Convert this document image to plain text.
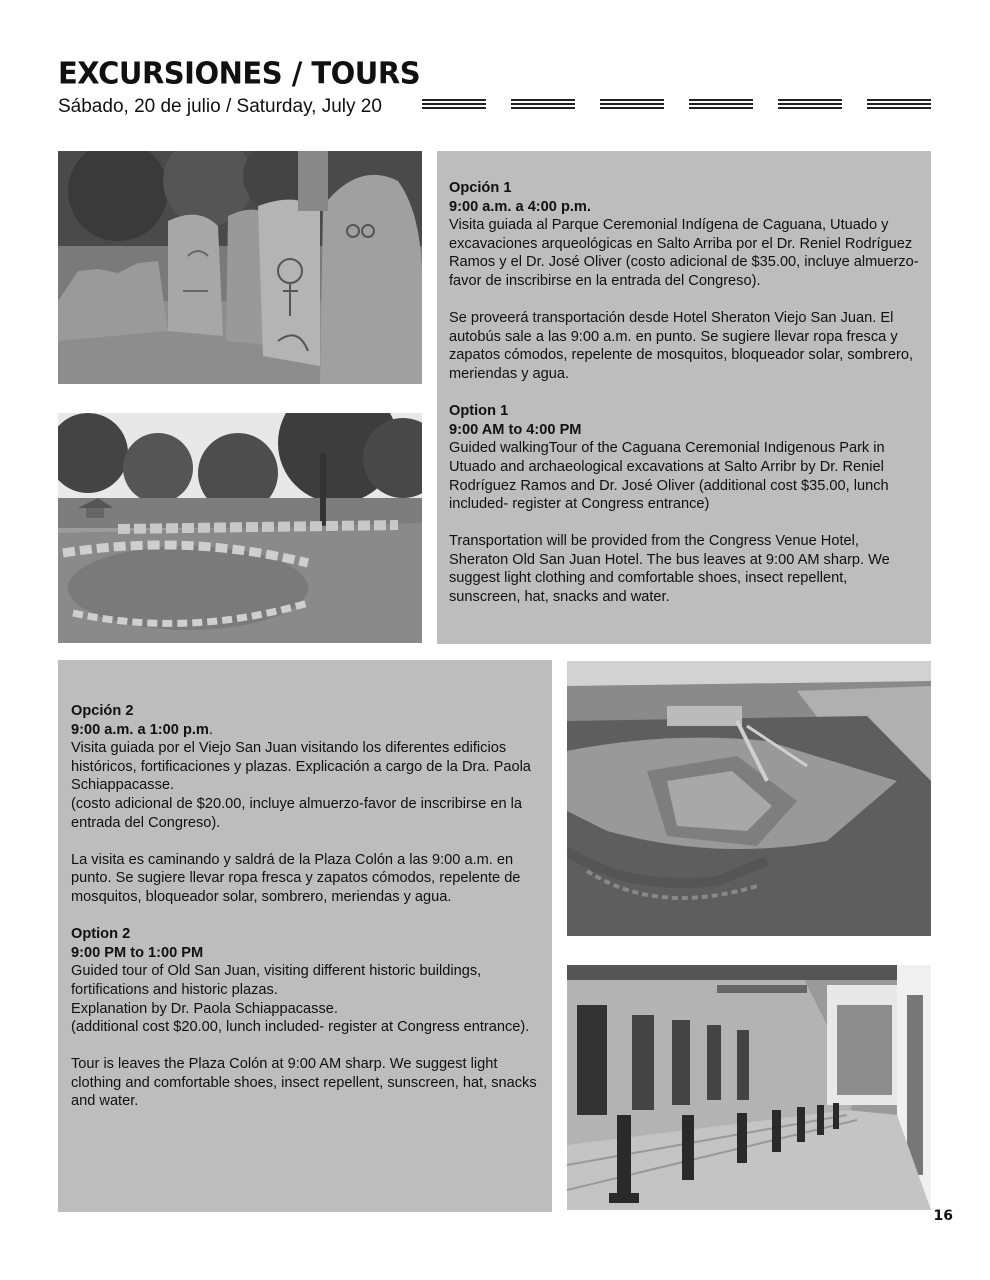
EXCURSIONES / TOURS
Sábado, 20 de julio / Saturday, July 20

Opción 1
9:00 a.m. a 4:00 p.m.
Visita guiada al Parque Ceremonial Indígena de Caguana, Utuado y excavaciones arqueológicas en Salto Arriba por el Dr. Reniel Rodríguez Ramos y el Dr. José Oliver (costo adicional de $35.00, incluye almuerzo-favor de inscribirse en la entrada del Congreso).

Se proveerá transportación desde Hotel Sheraton Viejo San Juan. El autobús sale a las 9:00 a.m. en punto. Se sugiere llevar ropa fresca y zapatos cómodos, repelente de mosquitos, bloqueador solar, sombrero, meriendas y agua.

Option 1
9:00 AM to 4:00 PM
Guided walkingTour of the Caguana Ceremonial Indigenous Park in Utuado and archaeological excavations at Salto Arribr by Dr. Reniel Rodríguez Ramos and Dr. José Oliver (additional cost $35.00, lunch included- register at Congress entrance)

Transportation will be provided from the Congress Venue Hotel, Sheraton Old San Juan Hotel. The bus leaves at 9:00 AM sharp. We suggest light clothing and comfortable shoes, insect repellent, sunscreen, hat, snacks and water.

Opción 2
9:00 a.m. a 1:00 p.m.
Visita guiada por el Viejo San Juan visitando los diferentes edificios históricos, fortificaciones y plazas. Explicación a cargo de la Dra. Paola Schiappacasse.
(costo adicional de $20.00, incluye almuerzo-favor de inscribirse en la entrada del Congreso).

La visita es caminando y saldrá de la Plaza Colón a las 9:00 a.m. en punto. Se sugiere llevar ropa fresca y zapatos cómodos, repelente de mosquitos, bloqueador solar, sombrero, meriendas y agua.

Option 2
9:00 PM to 1:00 PM
Guided tour of Old San Juan, visiting different historic buildings, fortifications and historic plazas.
Explanation by Dr. Paola Schiappacasse.
(additional cost $20.00, lunch included- register at Congress entrance).

Tour is leaves the Plaza Colón at 9:00 AM sharp. We suggest light clothing and comfortable shoes, insect repellent, sunscreen, hat, snacks and water.

16
